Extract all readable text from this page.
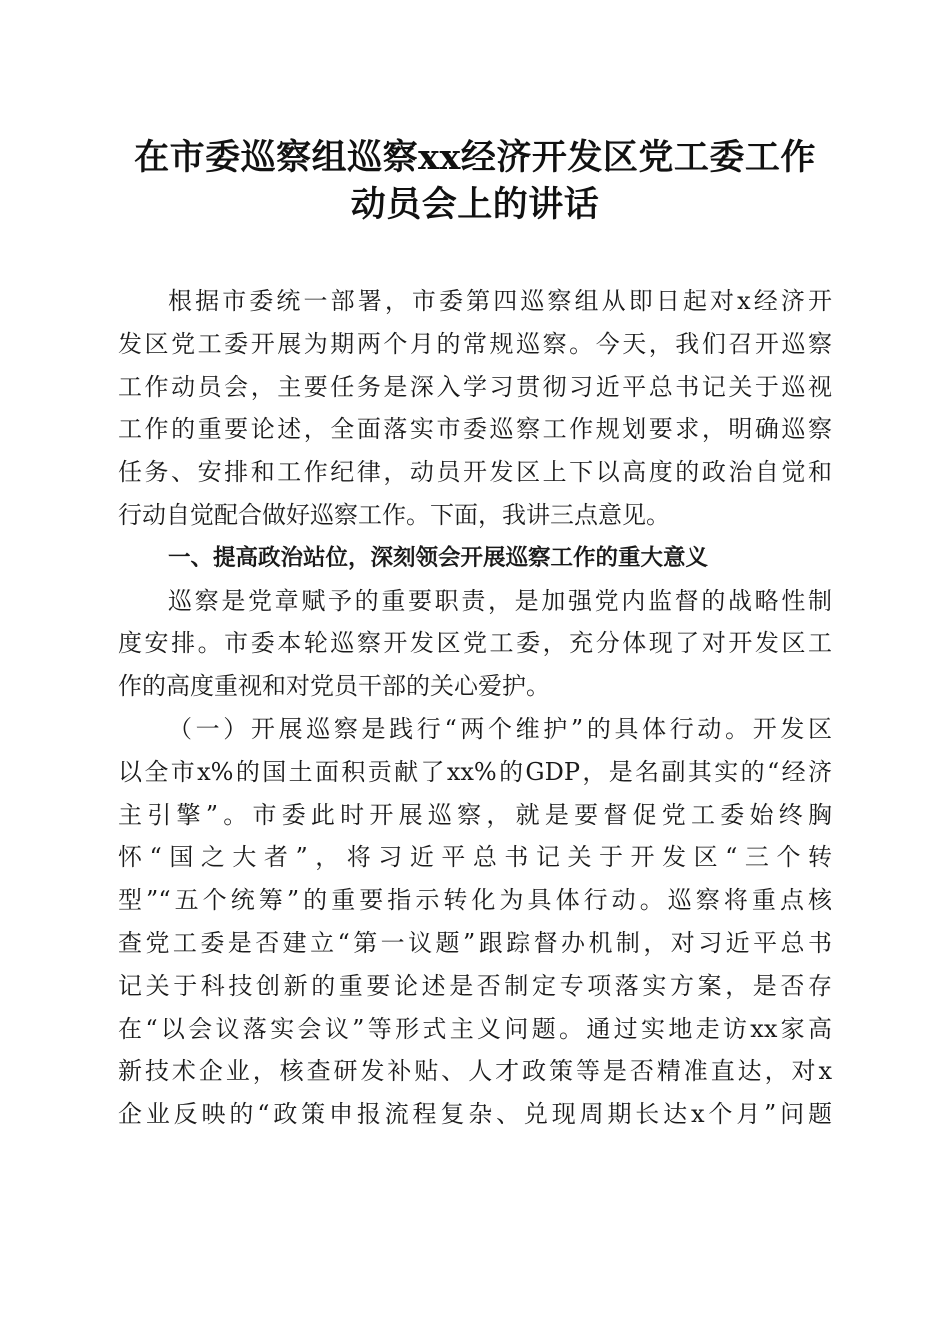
在市委巡察组巡察xx经济开发区党工委工作
动员会上的讲话
根据市委统一部署，市委第四巡察组从即日起对x经济开
发区党工委开展为期两个月的常规巡察。今天，我们召开巡察
工作动员会，主要任务是深入学习贯彻习近平总书记关于巡视
工作的重要论述，全面落实市委巡察工作规划要求，明确巡察
任务、安排和工作纪律，动员开发区上下以高度的政治自觉和
行动自觉配合做好巡察工作。下面，我讲三点意见。
一、提高政治站位，深刻领会开展巡察工作的重大意义
巡察是党章赋予的重要职责，是加强党内监督的战略性制
度安排。市委本轮巡察开发区党工委，充分体现了对开发区工
作的高度重视和对党员干部的关心爱护。
（一）开展巡察是践行“两个维护”的具体行动。开发区
以全市x%的国土面积贡献了xx%的GDP，是名副其实的“经济
主引擎”。市委此时开展巡察，就是要督促党工委始终胸
怀“国之大者”，将习近平总书记关于开发区“三个转
型”“五个统筹”的重要指示转化为具体行动。巡察将重点核
查党工委是否建立“第一议题”跟踪督办机制，对习近平总书
记关于科技创新的重要论述是否制定专项落实方案，是否存
在“以会议落实会议”等形式主义问题。通过实地走访xx家高
新技术企业，核查研发补贴、人才政策等是否精准直达，对x
企业反映的“政策申报流程复杂、兑现周期长达x个月”问题
